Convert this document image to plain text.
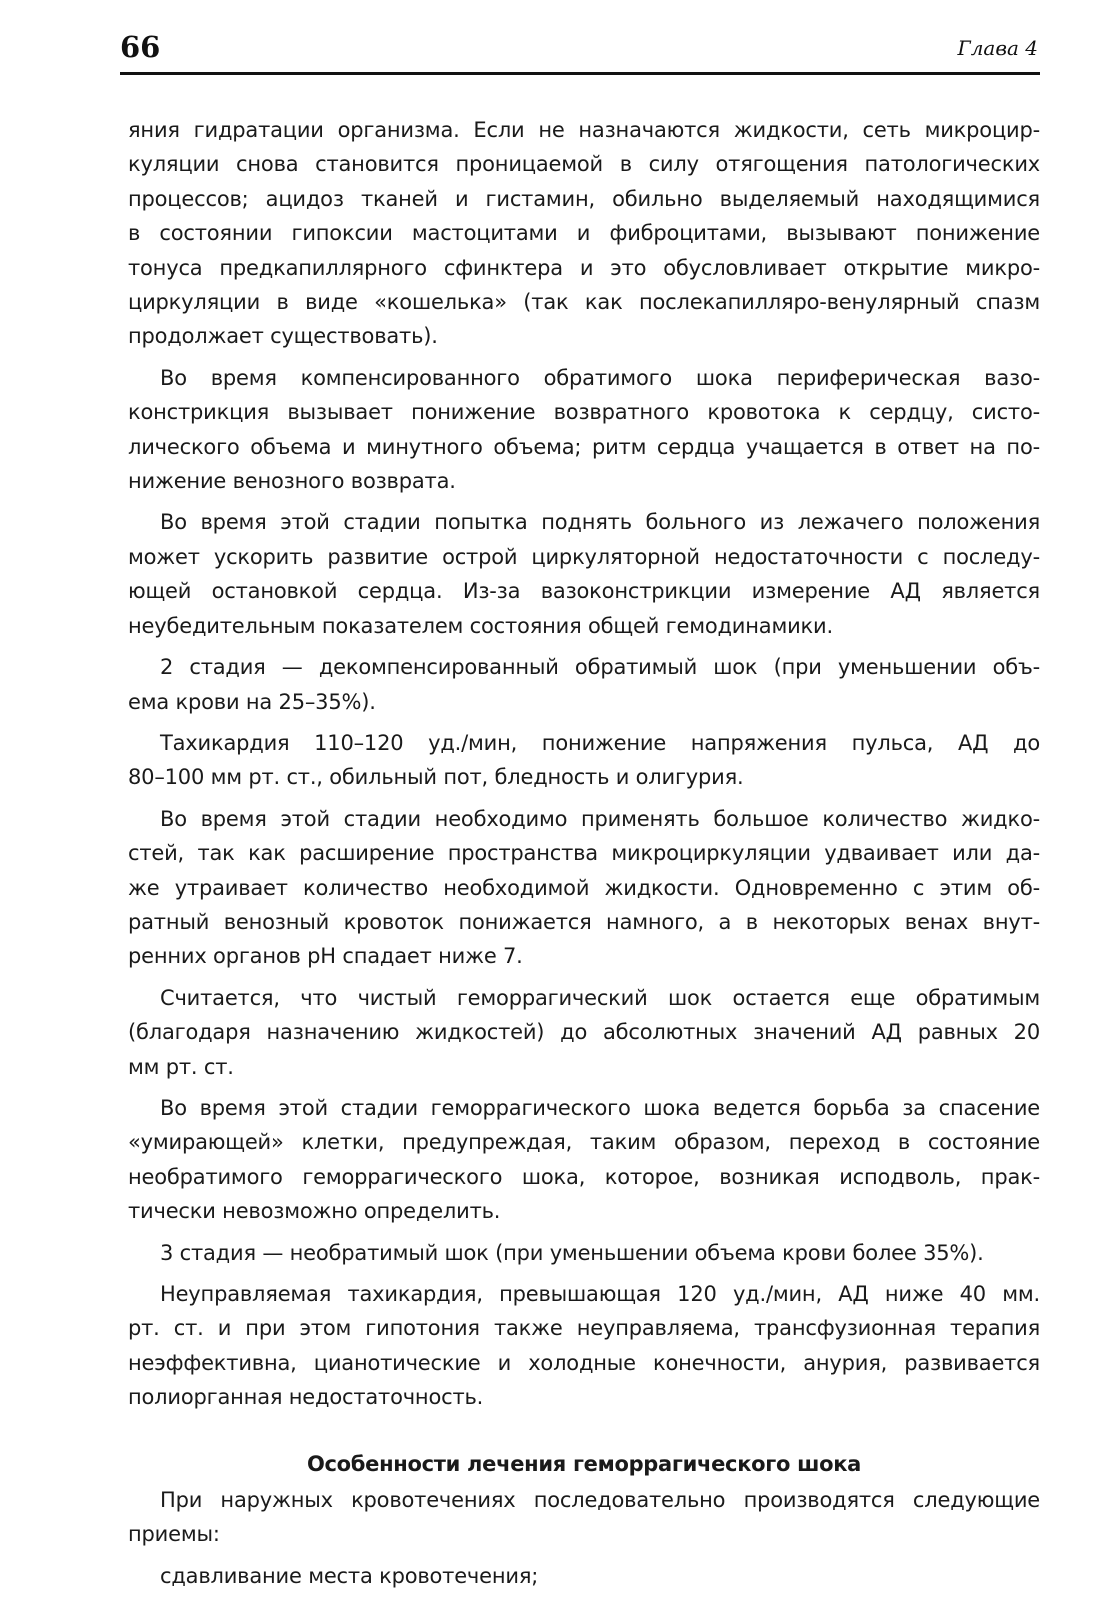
66	Глава 4

яния гидратации организма. Если не назначаются жидкости, сеть микроцир-

куляции снова становится проницаемой в силу отягощения патологических

процессов; ацидоз тканей и гистамин, обильно выделяемый находящимися

в состоянии гипоксии мастоцитами и фиброцитами, вызывают понижение

тонуса предкапиллярного сфинктера и это обусловливает открытие микро-

циркуляции в виде «кошелька» (так как послекапилляро-венулярный спазм

продолжает существовать).

Во время компенсированного обратимого шока периферическая вазо-

констрикция вызывает понижение возвратного кровотока к сердцу, систо-

лического объема и минутного объема; ритм сердца учащается в ответ на по-

нижение венозного возврата.

Во время этой стадии попытка поднять больного из лежачего положения

может ускорить развитие острой циркуляторной недостаточности с последу-

ющей остановкой сердца. Из-за вазоконстрикции измерение АД является

неубедительным показателем состояния общей гемодинамики.

2 стадия — декомпенсированный обратимый шок (при уменьшении объ-

ема крови на 25–35%).

Тахикардия 110–120 уд./мин, понижение напряжения пульса, АД до

80–100 мм рт. ст., обильный пот, бледность и олигурия.

Во время этой стадии необходимо применять большое количество жидко-

стей, так как расширение пространства микроциркуляции удваивает или да-

же утраивает количество необходимой жидкости. Одновременно с этим об-

ратный венозный кровоток понижается намного, а в некоторых венах внут-

ренних органов pH спадает ниже 7.

Считается, что чистый геморрагический шок остается еще обратимым

(благодаря назначению жидкостей) до абсолютных значений АД равных 20

мм рт. ст.

Во время этой стадии геморрагического шока ведется борьба за спасение

«умирающей» клетки, предупреждая, таким образом, переход в состояние

необратимого геморрагического шока, которое, возникая исподволь, прак-

тически невозможно определить.

3 стадия — необратимый шок (при уменьшении объема крови более 35%).

Неуправляемая тахикардия, превышающая 120 уд./мин, АД ниже 40 мм.

рт. ст. и при этом гипотония также неуправляема, трансфузионная терапия

неэффективна, цианотические и холодные конечности, анурия, развивается

полиорганная недостаточность.

Особенности лечения геморрагического шока

При наружных кровотечениях последовательно производятся следующие

приемы:

сдавливание места кровотечения;
